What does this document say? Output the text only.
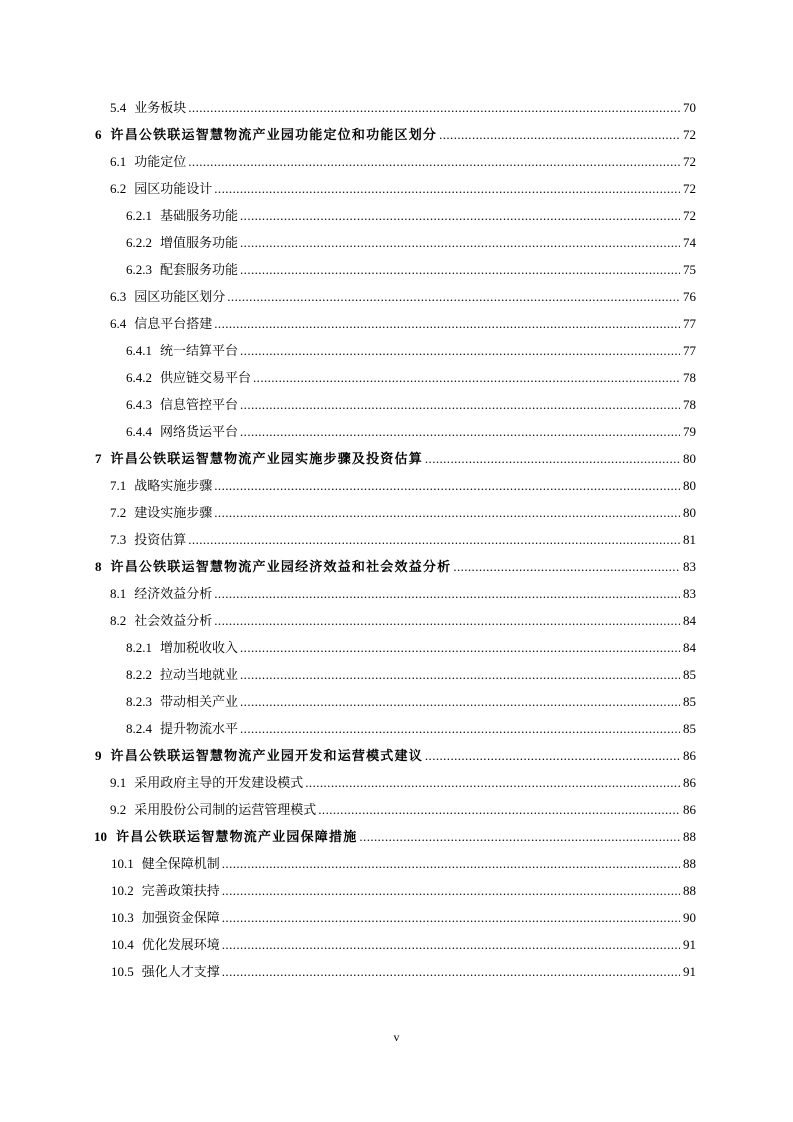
5.4 业务板块 .....	70
6 许昌公铁联运智慧物流产业园功能定位和功能区划分 .....	72
6.1 功能定位 .....	72
6.2 园区功能设计 .....	72
6.2.1 基础服务功能 .....	72
6.2.2 增值服务功能 .....	74
6.2.3 配套服务功能 .....	75
6.3 园区功能区划分 .....	76
6.4 信息平台搭建 .....	77
6.4.1 统一结算平台 .....	77
6.4.2 供应链交易平台 .....	78
6.4.3 信息管控平台 .....	78
6.4.4 网络货运平台 .....	79
7 许昌公铁联运智慧物流产业园实施步骤及投资估算 .....	80
7.1 战略实施步骤 .....	80
7.2 建设实施步骤 .....	80
7.3 投资估算 .....	81
8 许昌公铁联运智慧物流产业园经济效益和社会效益分析 .....	83
8.1 经济效益分析 .....	83
8.2 社会效益分析 .....	84
8.2.1 增加税收收入 .....	84
8.2.2 拉动当地就业 .....	85
8.2.3 带动相关产业 .....	85
8.2.4 提升物流水平 .....	85
9 许昌公铁联运智慧物流产业园开发和运营模式建议 .....	86
9.1 采用政府主导的开发建设模式 .....	86
9.2 采用股份公司制的运营管理模式 .....	86
10 许昌公铁联运智慧物流产业园保障措施 .....	88
10.1 健全保障机制 .....	88
10.2 完善政策扶持 .....	88
10.3 加强资金保障 .....	90
10.4 优化发展环境 .....	91
10.5 强化人才支撑 .....	91
v
